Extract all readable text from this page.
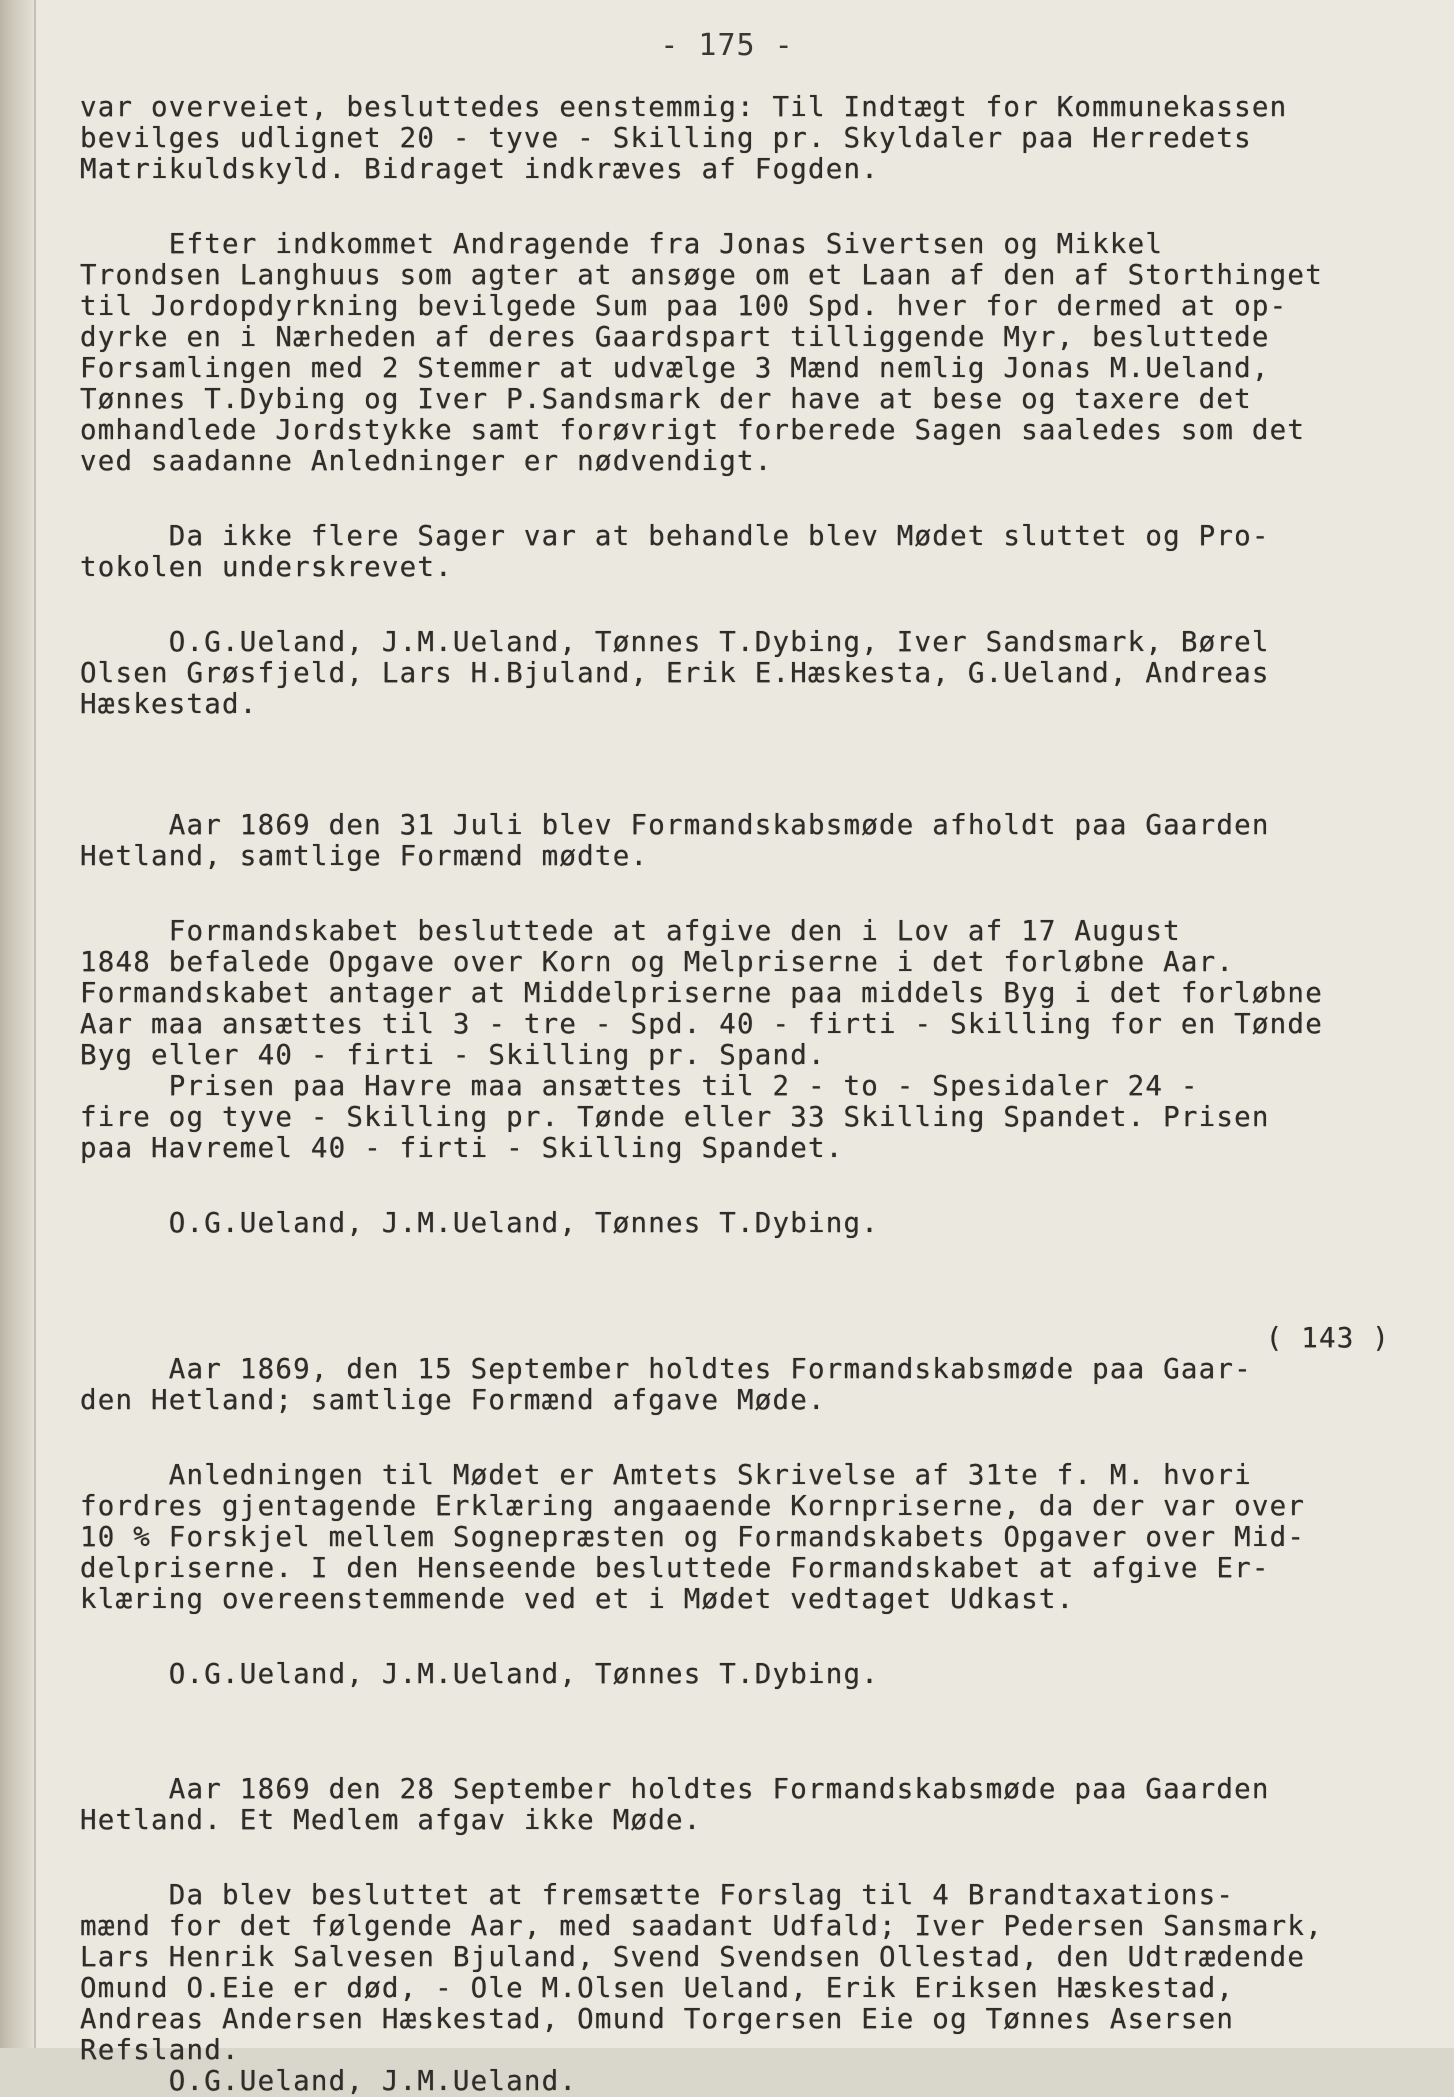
- 175 -
var overveiet, besluttedes eenstemmig: Til Indtægt for Kommunekassen
bevilges udlignet 20 - tyve - Skilling pr. Skyldaler paa Herredets
Matrikuldskyld. Bidraget indkræves af Fogden.
Efter indkommet Andragende fra Jonas Sivertsen og Mikkel
Trondsen Langhuus som agter at ansøge om et Laan af den af Storthinget
til Jordopdyrkning bevilgede Sum paa 100 Spd. hver for dermed at op-
dyrke en i Nærheden af deres Gaardspart tilliggende Myr, besluttede
Forsamlingen med 2 Stemmer at udvælge 3 Mænd nemlig Jonas M.Ueland,
Tønnes T.Dybing og Iver P.Sandsmark der have at bese og taxere det
omhandlede Jordstykke samt forøvrigt forberede Sagen saaledes som det
ved saadanne Anledninger er nødvendigt.
Da ikke flere Sager var at behandle blev Mødet sluttet og Pro-
tokolen underskrevet.
O.G.Ueland, J.M.Ueland, Tønnes T.Dybing, Iver Sandsmark, Børel
Olsen Grøsfjeld, Lars H.Bjuland, Erik E.Hæskesta, G.Ueland, Andreas
Hæskestad.
Aar 1869 den 31 Juli blev Formandskabsmøde afholdt paa Gaarden
Hetland, samtlige Formænd mødte.
Formandskabet besluttede at afgive den i Lov af 17 August
1848 befalede Opgave over Korn og Melpriserne i det forløbne Aar.
Formandskabet antager at Middelpriserne paa middels Byg i det forløbne
Aar maa ansættes til 3 - tre - Spd. 40 - firti - Skilling for en Tønde
Byg eller 40 - firti - Skilling pr. Spand.
Prisen paa Havre maa ansættes til 2 - to - Spesidaler 24 -
fire og tyve - Skilling pr. Tønde eller 33 Skilling Spandet. Prisen
paa Havremel 40 - firti - Skilling Spandet.
O.G.Ueland, J.M.Ueland, Tønnes T.Dybing.
( 143 )
Aar 1869, den 15 September holdtes Formandskabsmøde paa Gaar-
den Hetland; samtlige Formænd afgave Møde.
Anledningen til Mødet er Amtets Skrivelse af 31te f. M. hvori
fordres gjentagende Erklæring angaaende Kornpriserne, da der var over
10 % Forskjel mellem Sognepræsten og Formandskabets Opgaver over Mid-
delpriserne. I den Henseende besluttede Formandskabet at afgive Er-
klæring overeenstemmende ved et i Mødet vedtaget Udkast.
O.G.Ueland, J.M.Ueland, Tønnes T.Dybing.
Aar 1869 den 28 September holdtes Formandskabsmøde paa Gaarden
Hetland. Et Medlem afgav ikke Møde.
Da blev besluttet at fremsætte Forslag til 4 Brandtaxations-
mænd for det følgende Aar, med saadant Udfald; Iver Pedersen Sansmark,
Lars Henrik Salvesen Bjuland, Svend Svendsen Ollestad, den Udtrædende
Omund O.Eie er død, - Ole M.Olsen Ueland, Erik Eriksen Hæskestad,
Andreas Andersen Hæskestad, Omund Torgersen Eie og Tønnes Asersen
Refsland.
O.G.Ueland, J.M.Ueland.
